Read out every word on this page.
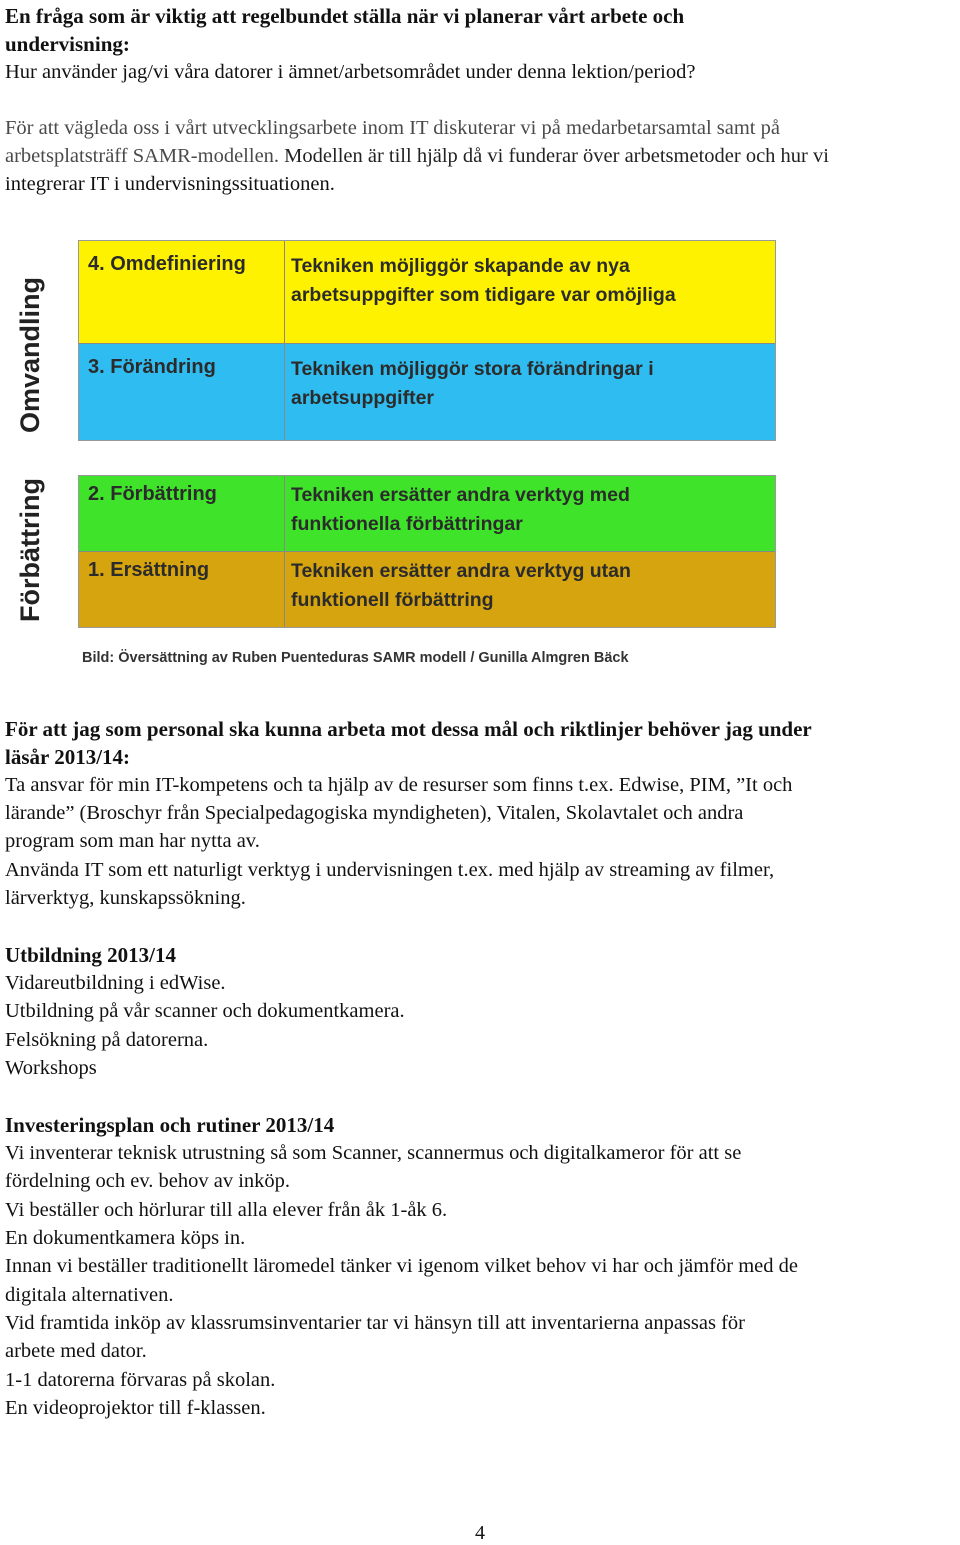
En fråga som är viktig att regelbundet ställa när vi planerar vårt arbete och
undervisning:
Hur använder jag/vi våra datorer i ämnet/arbetsområdet under denna lektion/period?
För att vägleda oss i vårt utvecklingsarbete inom IT diskuterar vi på medarbetarsamtal samt på
arbetsplatsträff SAMR-modellen. Modellen är till hjälp då vi funderar över arbetsmetoder och hur vi
integrerar IT i undervisningssituationen.
Omvandling
Förbättring
4. Omdefiniering	Tekniken möjliggör skapande av nya
arbetsuppgifter som tidigare var omöjliga
3. Förändring	Tekniken möjliggör stora förändringar i
arbetsuppgifter
2. Förbättring	Tekniken ersätter andra verktyg med
funktionella förbättringar
1. Ersättning	Tekniken ersätter andra verktyg utan
funktionell förbättring
Bild: Översättning av Ruben Puenteduras SAMR modell / Gunilla Almgren Bäck
För att jag som personal ska kunna arbeta mot dessa mål och riktlinjer behöver jag under
läsår 2013/14:
Ta ansvar för min IT-kompetens och ta hjälp av de resurser som finns t.ex. Edwise, PIM, ”It och
lärande” (Broschyr från Specialpedagogiska myndigheten), Vitalen, Skolavtalet och andra
program som man har nytta av.
Använda IT som ett naturligt verktyg i undervisningen t.ex. med hjälp av streaming av filmer,
lärverktyg, kunskapssökning.
Utbildning 2013/14
Vidareutbildning i edWise.
Utbildning på vår scanner och dokumentkamera.
Felsökning på datorerna.
Workshops
Investeringsplan och rutiner 2013/14
Vi inventerar teknisk utrustning så som Scanner, scannermus och digitalkameror för att se
fördelning och ev. behov av inköp.
Vi beställer och hörlurar till alla elever från åk 1-åk 6.
En dokumentkamera köps in.
Innan vi beställer traditionellt läromedel tänker vi igenom vilket behov vi har och jämför med de
digitala alternativen.
Vid framtida inköp av klassrumsinventarier tar vi hänsyn till att inventarierna anpassas för
arbete med dator.
1-1 datorerna förvaras på skolan.
En videoprojektor till f-klassen.
4
